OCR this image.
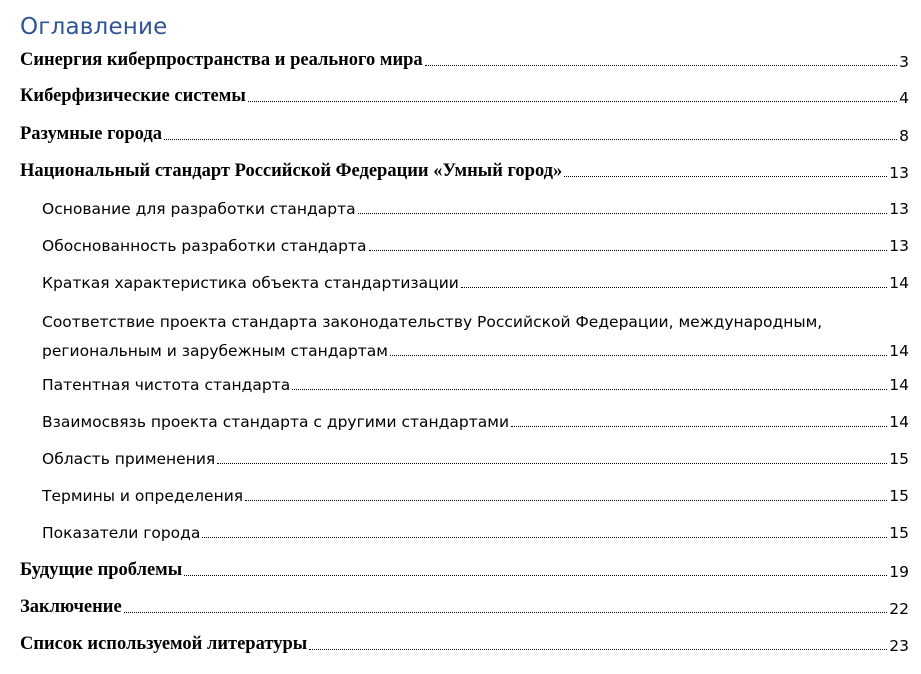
Оглавление
Синергия киберпространства и реального мира	3
Киберфизические системы	4
Разумные города	8
Национальный стандарт Российской Федерации «Умный город»	13
Основание для разработки стандарта	13
Обоснованность разработки стандарта	13
Краткая характеристика объекта стандартизации	14
Соответствие проекта стандарта законодательству Российской Федерации, международным,
региональным и зарубежным стандартам	14
Патентная чистота стандарта	14
Взаимосвязь проекта стандарта с другими стандартами	14
Область применения	15
Термины и определения	15
Показатели города	15
Будущие проблемы	19
Заключение	22
Список используемой литературы	23
